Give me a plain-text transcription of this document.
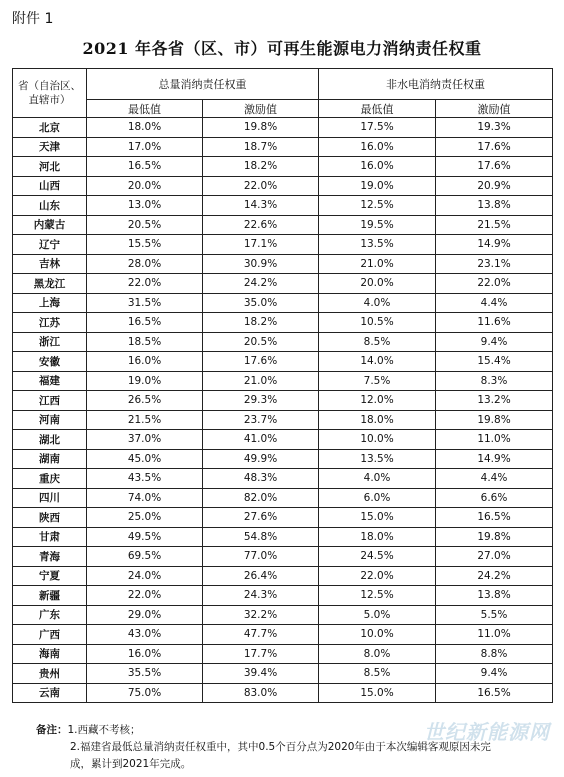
附件 1
2021 年各省（区、市）可再生能源电力消纳责任权重
省（自治区、直辖市）	总量消纳责任权重		非水电消纳责任权重	
	最低值	激励值	最低值	激励值
北京	18.0%	19.8%	17.5%	19.3%
天津	17.0%	18.7%	16.0%	17.6%
河北	16.5%	18.2%	16.0%	17.6%
山西	20.0%	22.0%	19.0%	20.9%
山东	13.0%	14.3%	12.5%	13.8%
内蒙古	20.5%	22.6%	19.5%	21.5%
辽宁	15.5%	17.1%	13.5%	14.9%
吉林	28.0%	30.9%	21.0%	23.1%
黑龙江	22.0%	24.2%	20.0%	22.0%
上海	31.5%	35.0%	4.0%	4.4%
江苏	16.5%	18.2%	10.5%	11.6%
浙江	18.5%	20.5%	8.5%	9.4%
安徽	16.0%	17.6%	14.0%	15.4%
福建	19.0%	21.0%	7.5%	8.3%
江西	26.5%	29.3%	12.0%	13.2%
河南	21.5%	23.7%	18.0%	19.8%
湖北	37.0%	41.0%	10.0%	11.0%
湖南	45.0%	49.9%	13.5%	14.9%
重庆	43.5%	48.3%	4.0%	4.4%
四川	74.0%	82.0%	6.0%	6.6%
陕西	25.0%	27.6%	15.0%	16.5%
甘肃	49.5%	54.8%	18.0%	19.8%
青海	69.5%	77.0%	24.5%	27.0%
宁夏	24.0%	26.4%	22.0%	24.2%
新疆	22.0%	24.3%	12.5%	13.8%
广东	29.0%	32.2%	5.0%	5.5%
广西	43.0%	47.7%	10.0%	11.0%
海南	16.0%	17.7%	8.0%	8.8%
贵州	35.5%	39.4%	8.5%	9.4%
云南	75.0%	83.0%	15.0%	16.5%
备注：1.西藏不考核；
2.福建省最低总量消纳责任权重中，其中0.5个百分点为2020年由于本次编辑客观原因未完
成，累计到2021年完成。
世纪新能源网
